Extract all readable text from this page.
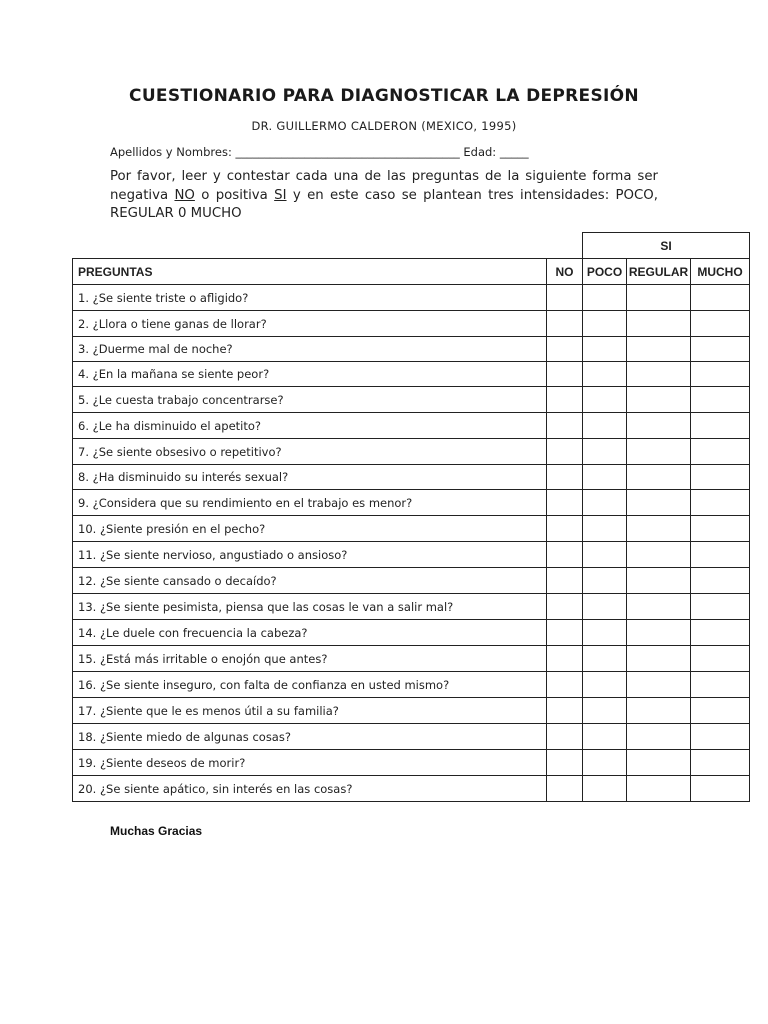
CUESTIONARIO PARA DIAGNOSTICAR LA DEPRESIÓN
DR. GUILLERMO CALDERON (MEXICO, 1995)
Apellidos y Nombres: _______________________________________ Edad: _____
Por favor, leer y contestar cada una de las preguntas de la siguiente forma ser negativa NO o positiva SI y en este caso se plantean tres intensidades: POCO, REGULAR 0 MUCHO
		SI		
PREGUNTAS	NO	POCO	REGULAR	MUCHO
1. ¿Se siente triste o afligido?				
2. ¿Llora o tiene ganas de llorar?				
3. ¿Duerme mal de noche?				
4. ¿En la mañana se siente peor?				
5. ¿Le cuesta trabajo concentrarse?				
6. ¿Le ha disminuido el apetito?				
7. ¿Se siente obsesivo o repetitivo?				
8. ¿Ha disminuido su interés sexual?				
9. ¿Considera que su rendimiento en el trabajo es menor?				
10. ¿Siente presión en el pecho?				
11. ¿Se siente nervioso, angustiado o ansioso?				
12. ¿Se siente cansado o decaído?				
13. ¿Se siente pesimista, piensa que las cosas le van a salir mal?				
14. ¿Le duele con frecuencia la cabeza?				
15. ¿Está más irritable o enojón que antes?				
16. ¿Se siente inseguro, con falta de confianza en usted mismo?				
17. ¿Siente que le es menos útil a su familia?				
18. ¿Siente miedo de algunas cosas?				
19. ¿Siente deseos de morir?				
20. ¿Se siente apático, sin interés en las cosas?				
Muchas Gracias
